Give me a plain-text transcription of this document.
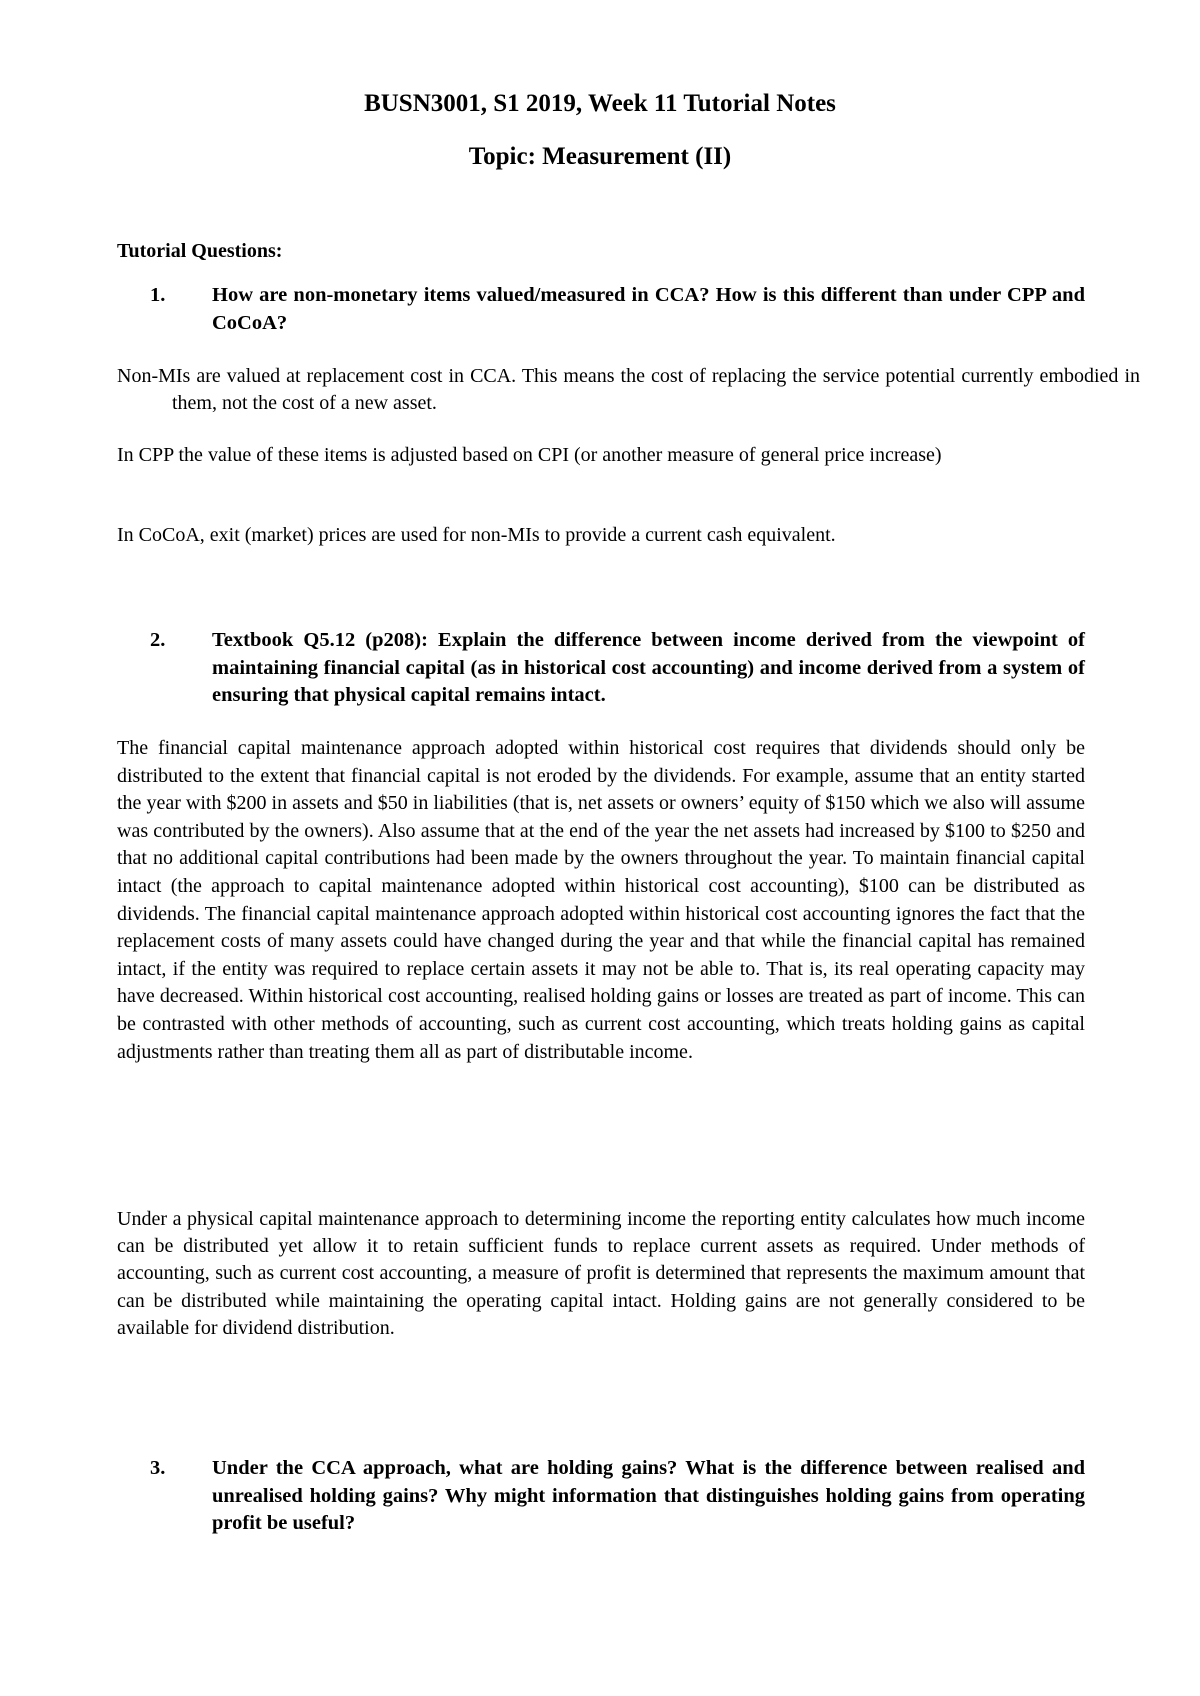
BUSN3001, S1 2019, Week 11 Tutorial Notes
Topic: Measurement (II)
Tutorial Questions:
1. How are non-monetary items valued/measured in CCA? How is this different than under CPP and CoCoA?
Non-MIs are valued at replacement cost in CCA. This means the cost of replacing the service potential currently embodied in them, not the cost of a new asset.
In CPP the value of these items is adjusted based on CPI (or another measure of general price increase)
In CoCoA, exit (market) prices are used for non-MIs to provide a current cash equivalent.
2. Textbook Q5.12 (p208): Explain the difference between income derived from the viewpoint of maintaining financial capital (as in historical cost accounting) and income derived from a system of ensuring that physical capital remains intact.
The financial capital maintenance approach adopted within historical cost requires that dividends should only be distributed to the extent that financial capital is not eroded by the dividends. For example, assume that an entity started the year with $200 in assets and $50 in liabilities (that is, net assets or owners’ equity of $150 which we also will assume was contributed by the owners). Also assume that at the end of the year the net assets had increased by $100 to $250 and that no additional capital contributions had been made by the owners throughout the year. To maintain financial capital intact (the approach to capital maintenance adopted within historical cost accounting), $100 can be distributed as dividends. The financial capital maintenance approach adopted within historical cost accounting ignores the fact that the replacement costs of many assets could have changed during the year and that while the financial capital has remained intact, if the entity was required to replace certain assets it may not be able to. That is, its real operating capacity may have decreased. Within historical cost accounting, realised holding gains or losses are treated as part of income. This can be contrasted with other methods of accounting, such as current cost accounting, which treats holding gains as capital adjustments rather than treating them all as part of distributable income.
Under a physical capital maintenance approach to determining income the reporting entity calculates how much income can be distributed yet allow it to retain sufficient funds to replace current assets as required. Under methods of accounting, such as current cost accounting, a measure of profit is determined that represents the maximum amount that can be distributed while maintaining the operating capital intact. Holding gains are not generally considered to be available for dividend distribution.
3. Under the CCA approach, what are holding gains? What is the difference between realised and unrealised holding gains? Why might information that distinguishes holding gains from operating profit be useful?
